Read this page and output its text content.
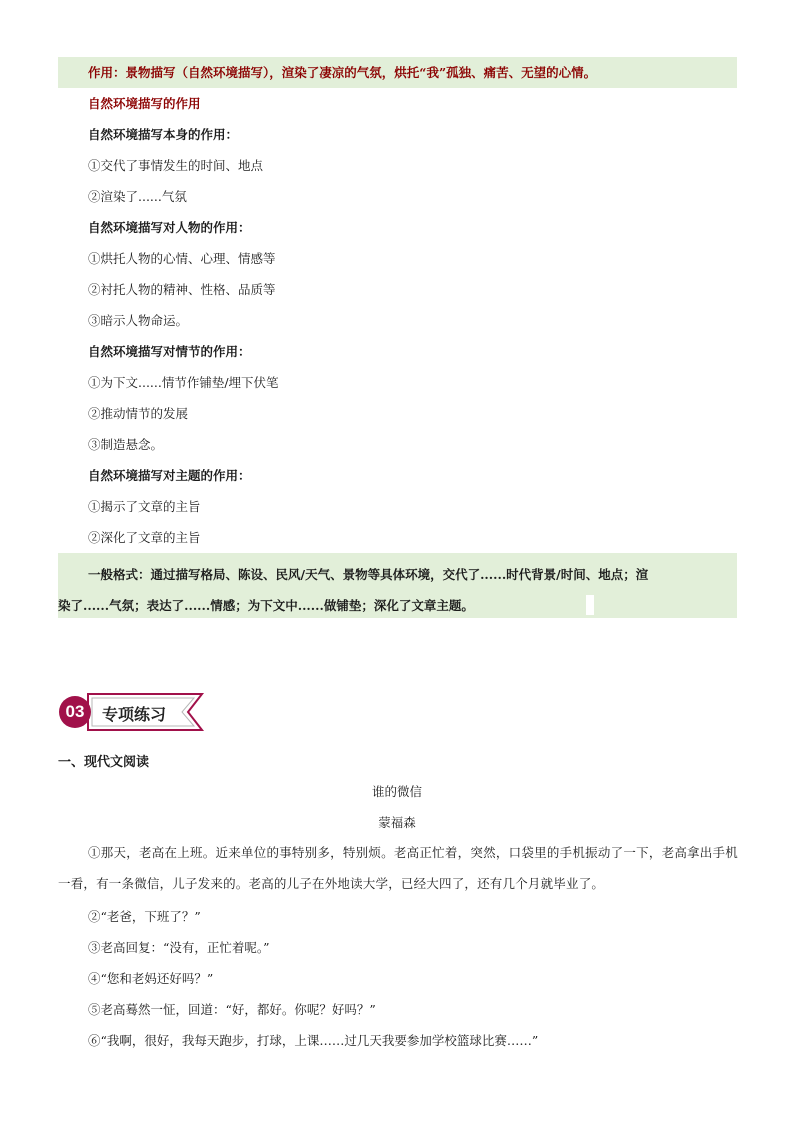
作用：景物描写（自然环境描写），渲染了凄凉的气氛，烘托“我”孤独、痛苦、无望的心情。
自然环境描写的作用
自然环境描写本身的作用：
①交代了事情发生的时间、地点
②渲染了......气氛
自然环境描写对人物的作用：
①烘托人物的心情、心理、情感等
②衬托人物的精神、性格、品质等
③暗示人物命运。
自然环境描写对情节的作用：
①为下文......情节作铺垫/埋下伏笔
②推动情节的发展
③制造悬念。
自然环境描写对主题的作用：
①揭示了文章的主旨
②深化了文章的主旨
一般格式：通过描写格局、陈设、民风/天气、景物等具体环境，交代了......时代背景/时间、地点；渲
染了......气氛；表达了......情感；为下文中......做铺垫；深化了文章主题。
03	专项练习
一、现代文阅读
谁的微信
蒙福森
①那天，老高在上班。近来单位的事特别多，特别烦。老高正忙着，突然，口袋里的手机振动了一下，老高拿出手机一看，有一条微信，儿子发来的。老高的儿子在外地读大学，已经大四了，还有几个月就毕业了。
②“老爸，下班了？”
③老高回复：“没有，正忙着呢。”
④“您和老妈还好吗？”
⑤老高蓦然一怔，回道：“好，都好。你呢？好吗？”
⑥“我啊，很好，我每天跑步，打球，上课……过几天我要参加学校篮球比赛……”
